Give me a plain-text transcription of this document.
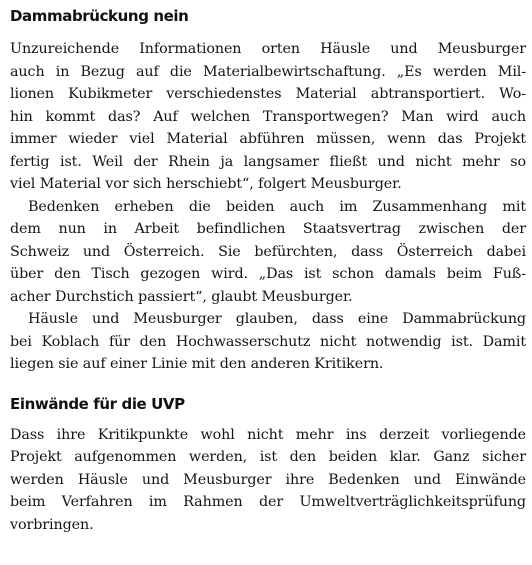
Dammabrückung nein
Unzureichende Informationen orten Häusle und Meusburger
auch in Bezug auf die Materialbewirtschaftung. „Es werden Mil-
lionen Kubikmeter verschiedenstes Material abtransportiert. Wo-
hin kommt das? Auf welchen Transportwegen? Man wird auch
immer wieder viel Material abführen müssen, wenn das Projekt
fertig ist. Weil der Rhein ja langsamer fließt und nicht mehr so
viel Material vor sich herschiebt“, folgert Meusburger.
Bedenken erheben die beiden auch im Zusammenhang mit
dem nun in Arbeit befindlichen Staatsvertrag zwischen der
Schweiz und Österreich. Sie befürchten, dass Österreich dabei
über den Tisch gezogen wird. „Das ist schon damals beim Fuß-
acher Durchstich passiert“, glaubt Meusburger.
Häusle und Meusburger glauben, dass eine Dammabrückung
bei Koblach für den Hochwasserschutz nicht notwendig ist. Damit
liegen sie auf einer Linie mit den anderen Kritikern.
Einwände für die UVP
Dass ihre Kritikpunkte wohl nicht mehr ins derzeit vorliegende
Projekt aufgenommen werden, ist den beiden klar. Ganz sicher
werden Häusle und Meusburger ihre Bedenken und Einwände
beim Verfahren im Rahmen der Umweltverträglichkeitsprüfung
vorbringen.
